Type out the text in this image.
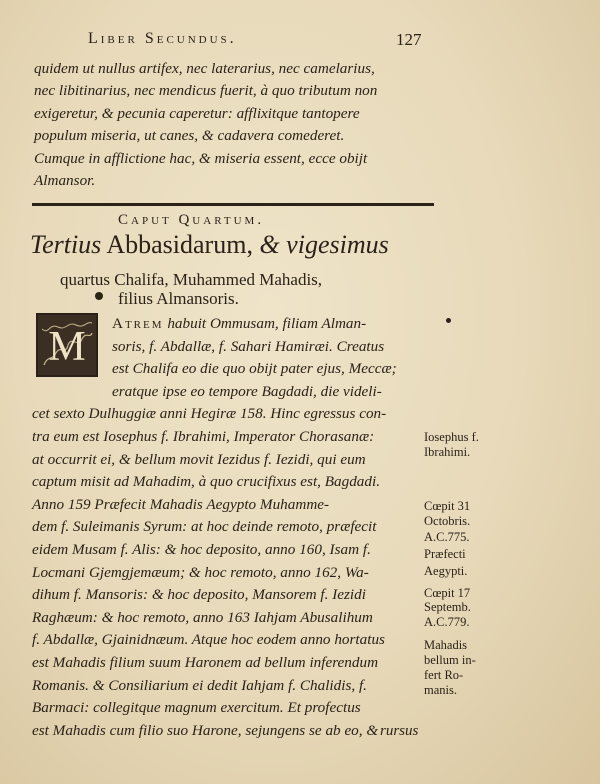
Liber Secundus.	127
quidem ut nullus artifex, nec laterarius, nec camelarius,
nec libitinarius, nec mendicus fuerit, à quo tributum non
exigeretur, & pecunia caperetur: afflixitque tantopere
populum miseria, ut canes, & cadavera comederet.
Cumque in afflictione hac, & miseria essent, ecce obijt
Almansor.
Caput Quartum.
Tertius Abbasidarum, & vigesimus
quartus Chalifa, Muhammed Mahadis,
filius Almansoris.
Atrem habuit Ommusam, filiam Alman-
soris, f. Abdallæ, f. Sahari Hamiræi. Creatus
est Chalifa eo die quo obijt pater ejus, Meccæ;
eratque ipse eo tempore Bagdadi, die videli-
cet sexto Dulhuggiæ anni Hegiræ 158. Hinc egressus con-
tra eum est Iosephus f. Ibrahimi, Imperator Chorasanæ:
at occurrit ei, & bellum movit Iezidus f. Iezidi, qui eum
captum misit ad Mahadim, à quo crucifixus est, Bagdadi.
Anno 159 Præfecit Mahadis Aegypto Muhamme-
dem f. Suleimanis Syrum: at hoc deinde remoto, præfecit
eidem Musam f. Alis: & hoc deposito, anno 160, Isam f.
Locmani Gjemgjemæum; & hoc remoto, anno 162, Wa-
dihum f. Mansoris: & hoc deposito, Mansorem f. Iezidi
Raghæum: & hoc remoto, anno 163 Iahjam Abusalihum
f. Abdallæ, Gjainidnæum. Atque hoc eodem anno hortatus
est Mahadis filium suum Haronem ad bellum inferendum
Romanis. & Consiliarium ei dedit Iahjam f. Chalidis, f.
Barmaci: collegitque magnum exercitum. Et profectus
est Mahadis cum filio suo Harone, sejungens se ab eo, &
M
Iosephus f.
Ibrahimi.
Cœpit 31
Octobris.
A.C.775.
Præfecti
Aegypti.
Cœpit 17
Septemb.
A.C.779.
Mahadis
bellum in-
fert Ro-
manis.
rursus
